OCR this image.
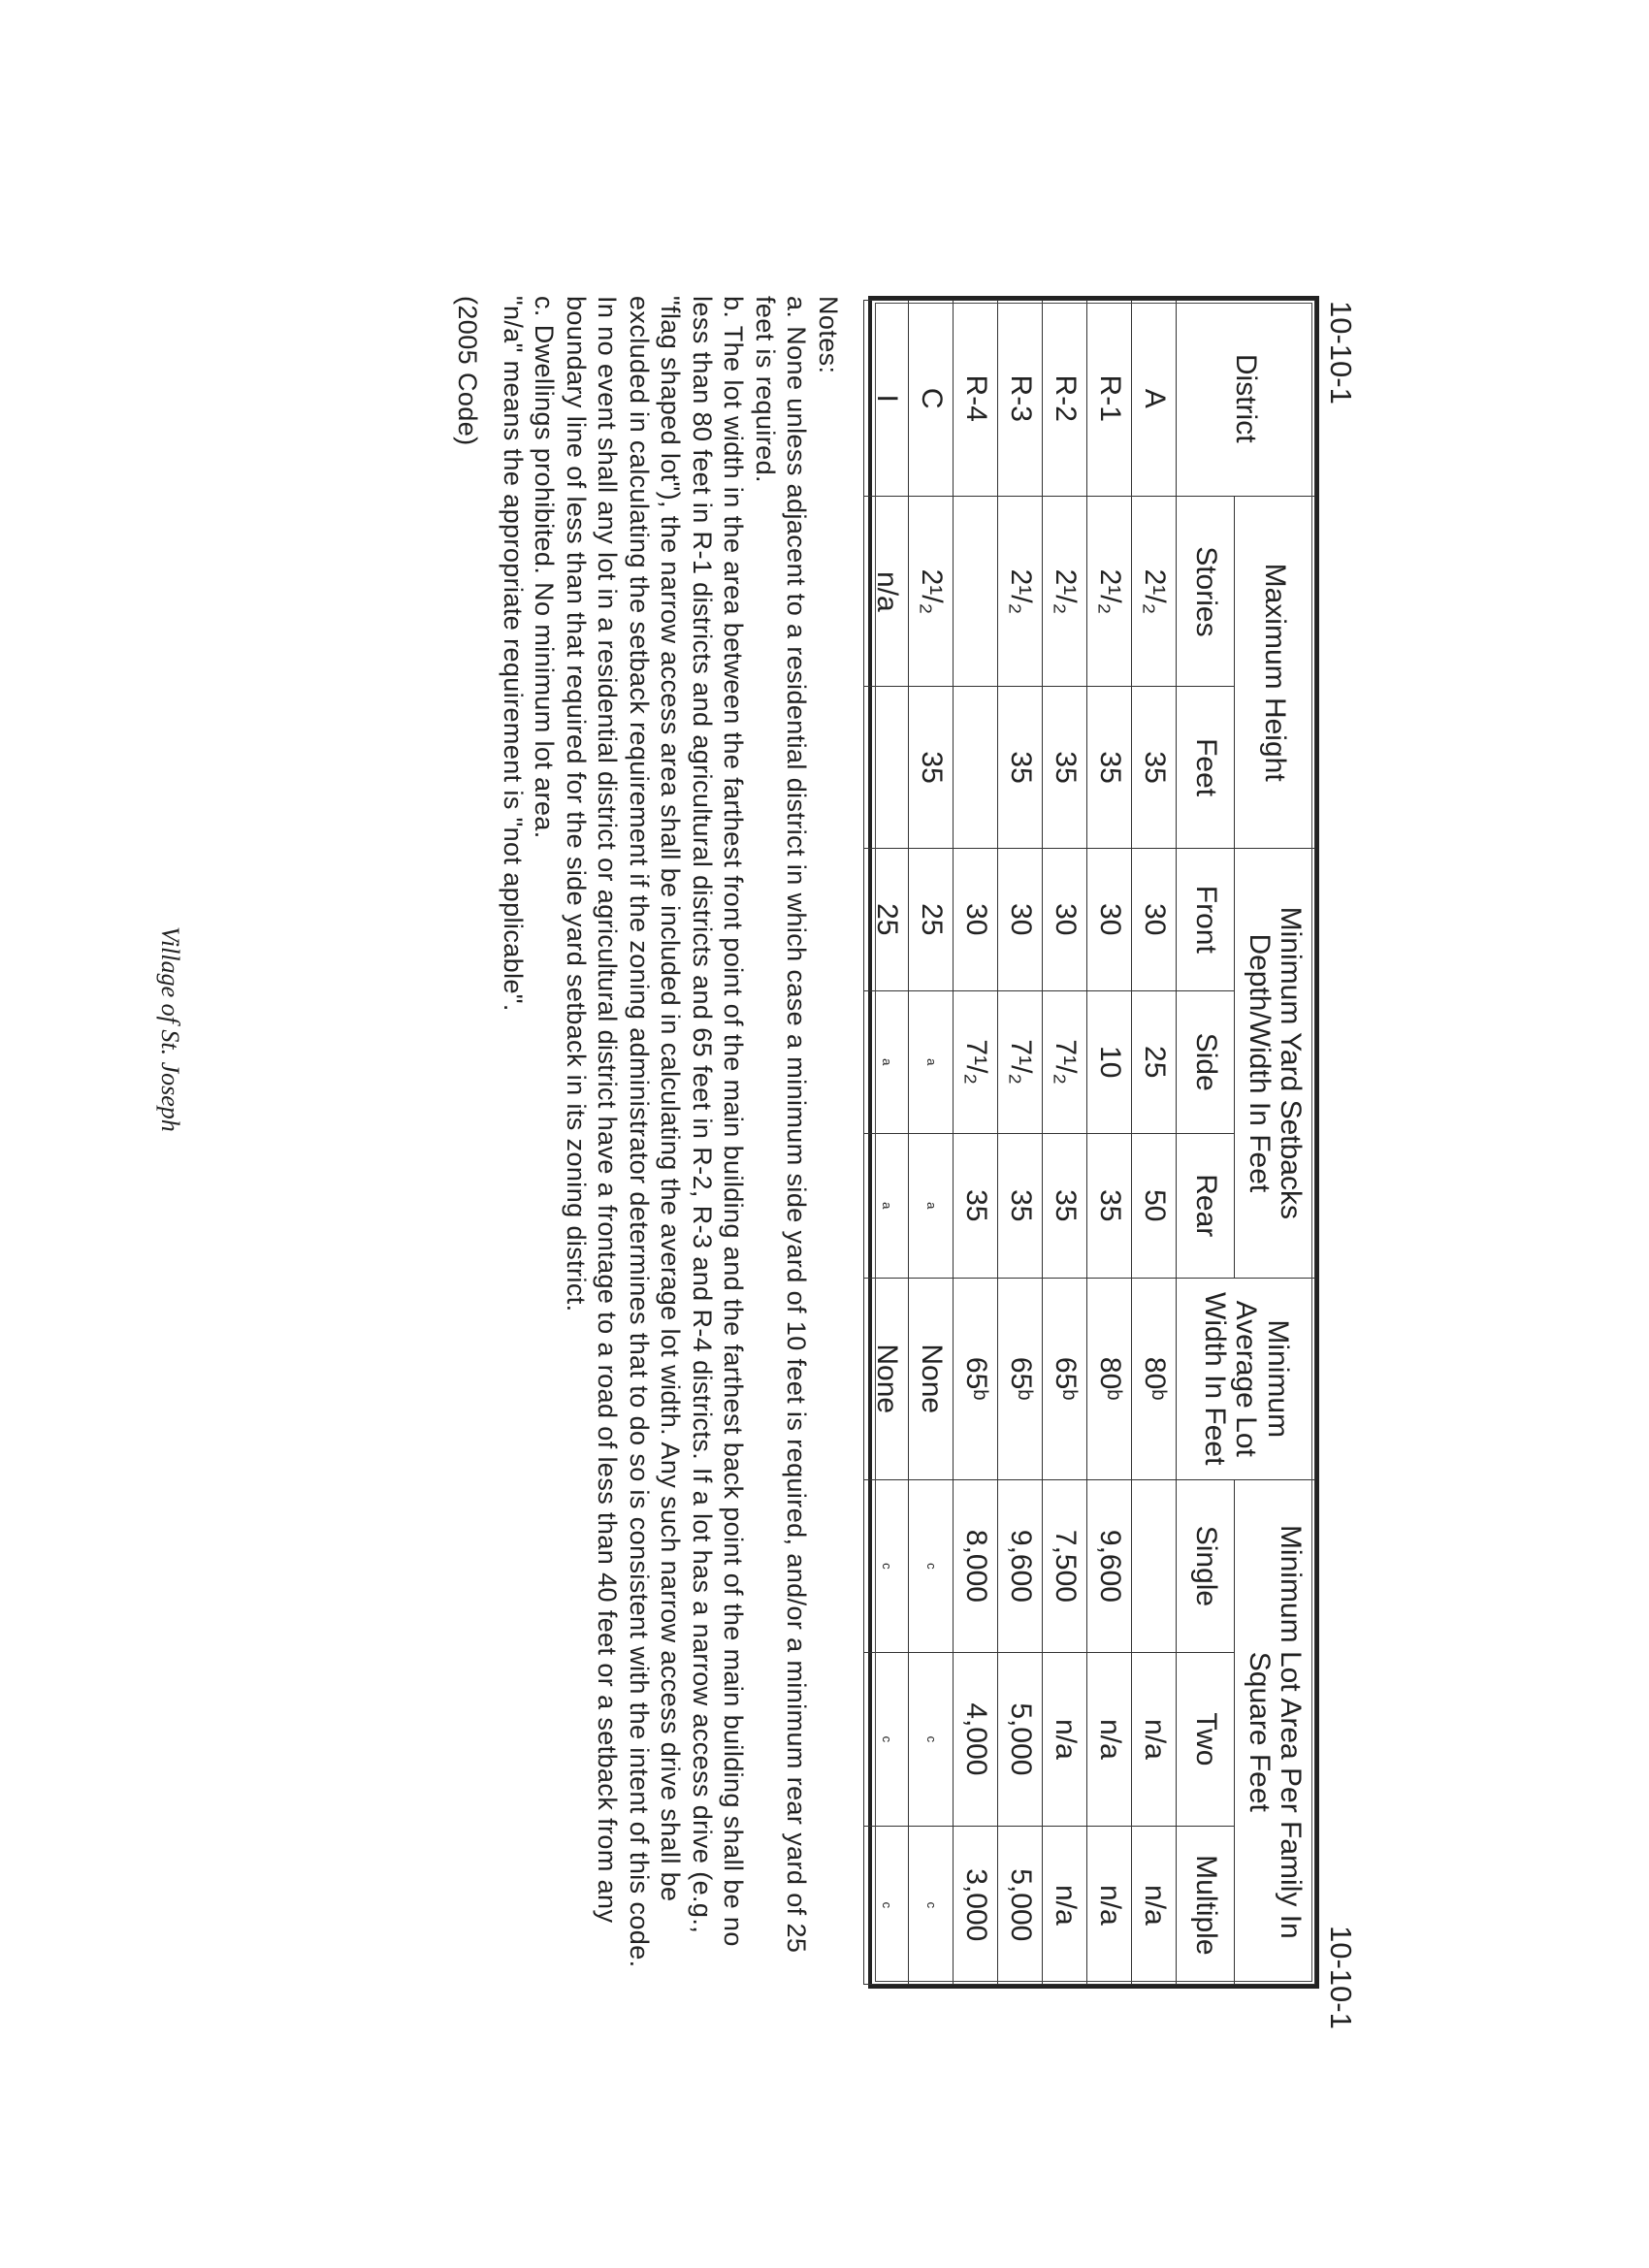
10-10-1
10-10-1
District	Maximum Height		Minimum Yard Setbacks Depth/Width In Feet			Minimum Average Lot Width In Feet	Minimum Lot Area Per Family In Square Feet		
	Stories	Feet	Front	Side	Rear		Single	Two	Multiple
A	2¹/₂	35	30	25	50	80ᵇ		n/a	n/a
R-1	2¹/₂	35	30	10	35	80ᵇ	9,600	n/a	n/a
R-2	2¹/₂	35	30	7¹/₂	35	65ᵇ	7,500	n/a	n/a
R-3	2¹/₂	35	30	7¹/₂	35	65ᵇ	9,600	5,000	5,000
R-4			30	7¹/₂	35	65ᵇ	8,000	4,000	3,000
C	2¹/₂	35	25	a	a	None	c	c	c
I	n/a		25	a	a	None	c	c	c

Notes:

a. None unless adjacent to a residential district in which case a minimum side yard of 10 feet is required, and/or a minimum rear yard of 25 feet is required.

b. The lot width in the area between the farthest front point of the main building and the farthest back point of the main building shall be no less than 80 feet in R-1 districts and agricultural districts and 65 feet in R-2, R-3 and R-4 districts. If a lot has a narrow access drive (e.g., "flag shaped lot"), the narrow access area shall be included in calculating the average lot width. Any such narrow access drive shall be excluded in calculating the setback requirement if the zoning administrator determines that to do so is consistent with the intent of this code. In no event shall any lot in a residential district or agricultural district have a frontage to a road of less than 40 feet or a setback from any boundary line of less than that required for the side yard setback in its zoning district.

c. Dwellings prohibited. No minimum lot area.

"n/a" means the appropriate requirement is "not applicable".

(2005 Code)

Village of St. Joseph
